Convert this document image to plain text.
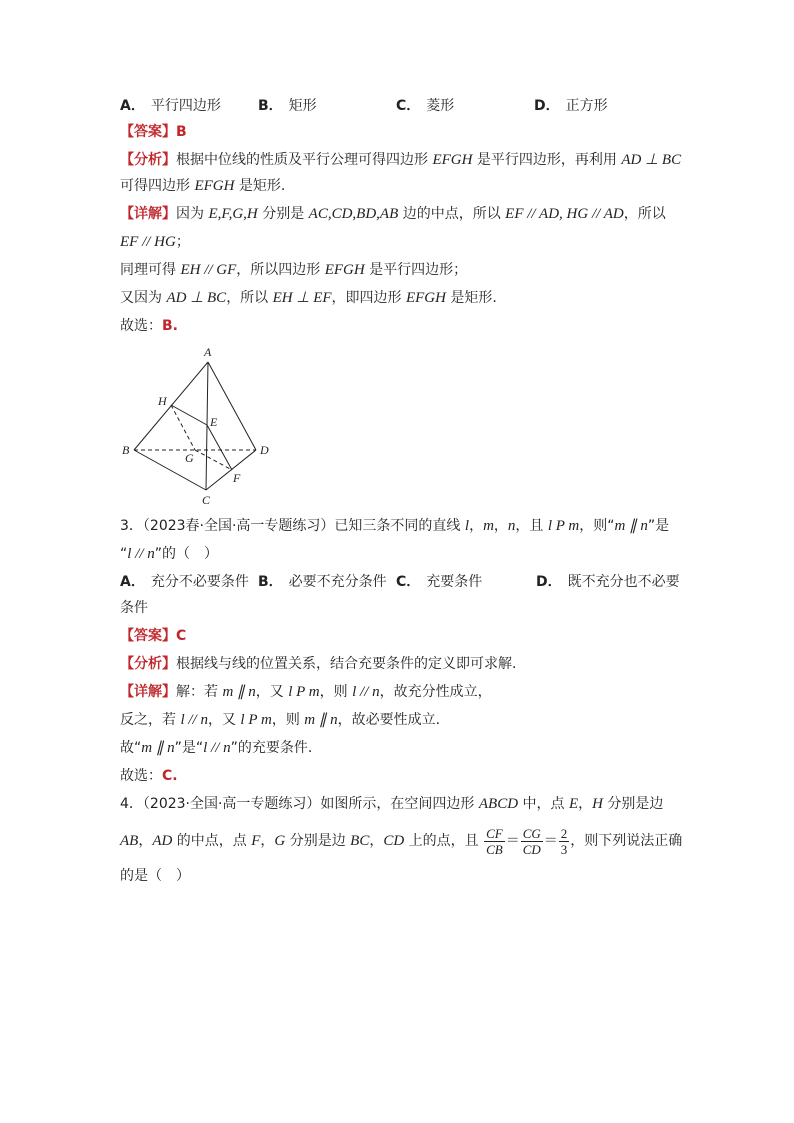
A． 平行四边形	B． 矩形	C． 菱形	D． 正方形
【答案】B
【分析】根据中位线的性质及平行公理可得四边形 EFGH 是平行四边形，再利用 AD ⊥ BC
可得四边形 EFGH 是矩形.
【详解】因为 E,F,G,H 分别是 AC,CD,BD,AB 边的中点，所以 EF // AD, HG // AD，所以
EF // HG；
同理可得 EH // GF，所以四边形 EFGH 是平行四边形；
又因为 AD ⊥ BC，所以 EH ⊥ EF，即四边形 EFGH 是矩形.
故选：B.
A
H
E
B
G
D
F
C
3．（2023春·全国·高一专题练习）已知三条不同的直线 l，m，n，且 l P m，则“m ∥ n”是
“l // n”的（　）
A． 充分不必要条件 B． 必要不充分条件 C． 充要条件	D． 既不充分也不必要
条件
【答案】C
【分析】根据线与线的位置关系，结合充要条件的定义即可求解.
【详解】解：若 m ∥ n，又 l P m，则 l // n，故充分性成立，
反之，若 l // n，又 l P m，则 m ∥ n，故必要性成立.
故“m ∥ n”是“l // n”的充要条件.
故选：C.
4．（2023·全国·高一专题练习）如图所示，在空间四边形 ABCD 中，点 E，H 分别是边
AB，AD 的中点，点 F，G 分别是边 BC，CD 上的点，且 $\frac{CF}{CB} = \frac{CG}{CD} = \frac{2}{3}$ ，则下列说法正确
的是（　）
